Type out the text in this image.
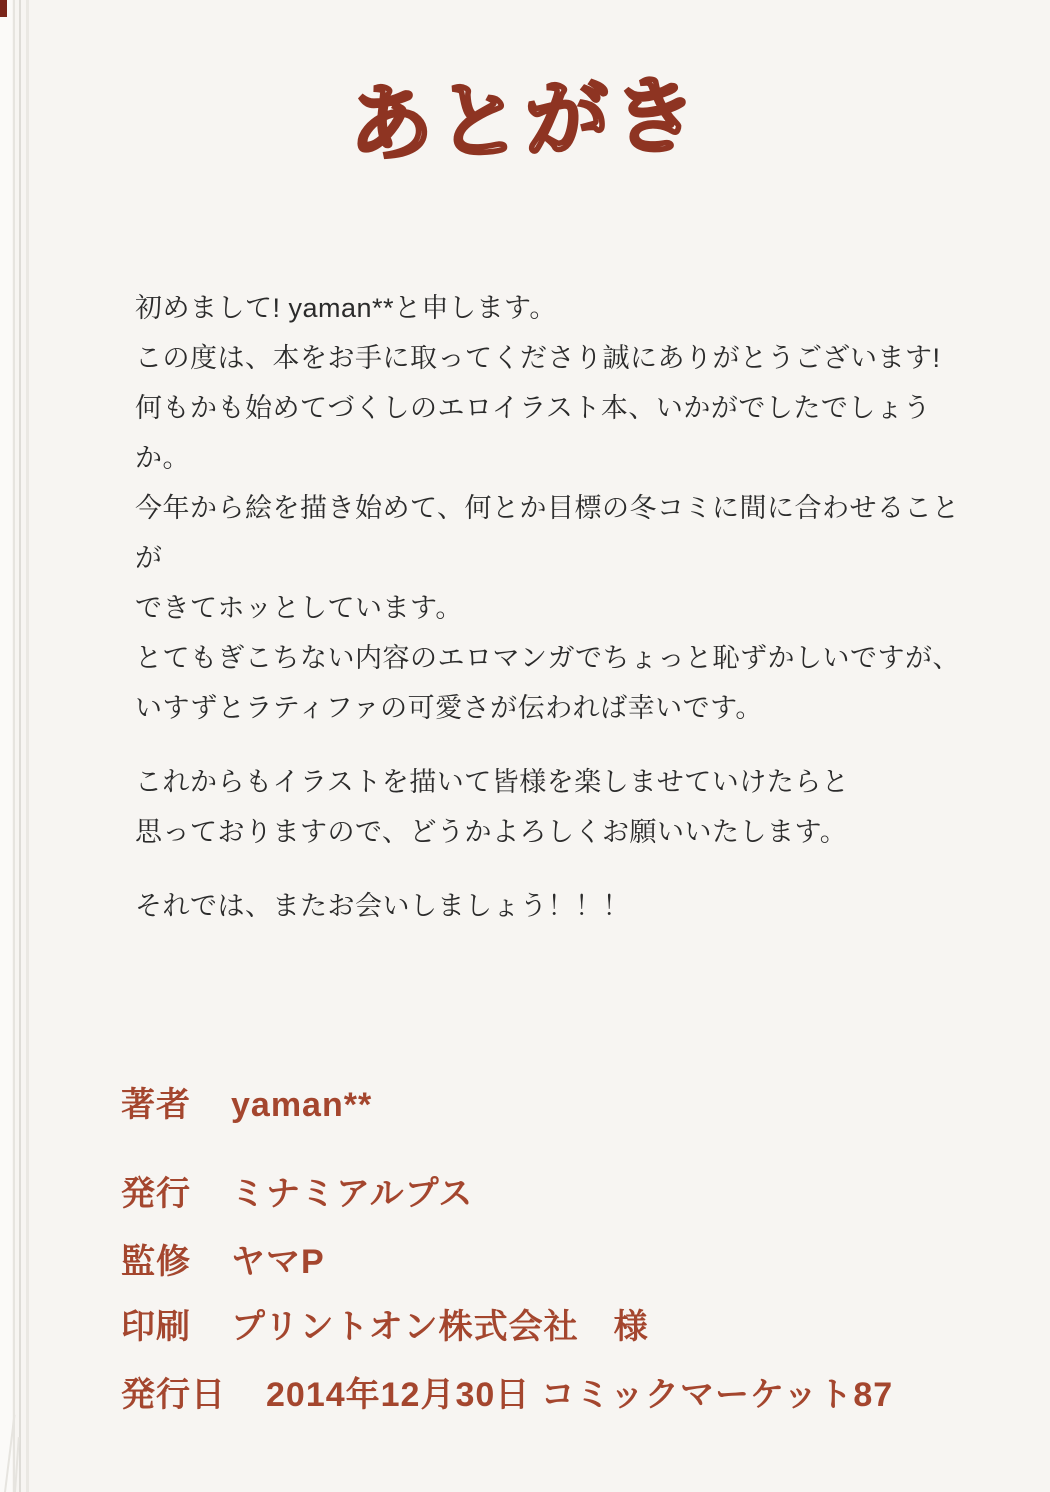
あとがき
初めまして! yaman**と申します。
この度は、本をお手に取ってくださり誠にありがとうございます!
何もかも始めてづくしのエロイラスト本、いかがでしたでしょうか。
今年から絵を描き始めて、何とか目標の冬コミに間に合わせることが
できてホッとしています。
とてもぎこちない内容のエロマンガでちょっと恥ずかしいですが、
いすずとラティファの可愛さが伝われば幸いです。
これからもイラストを描いて皆様を楽しませていけたらと
思っておりますので、どうかよろしくお願いいたします。
それでは、またお会いしましょう！！！
著者 yaman**
発行 ミナミアルプス
監修 ヤマP
印刷 プリントオン株式会社　様
発行日 2014年12月30日 コミックマーケット87
